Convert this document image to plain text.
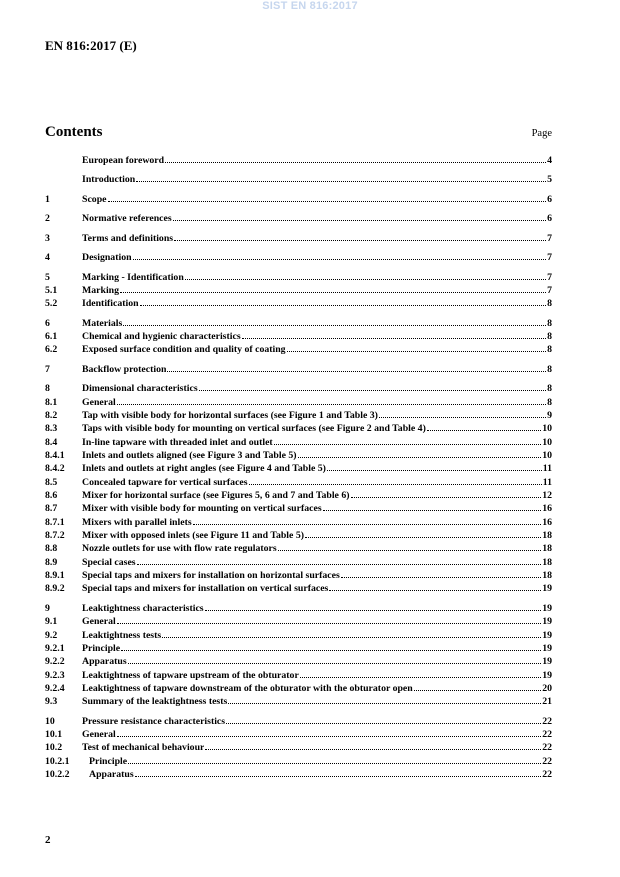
SIST EN 816:2017
EN 816:2017 (E)
Contents	Page
European foreword	4
Introduction	5
1	Scope	6
2	Normative references	6
3	Terms and definitions	7
4	Designation	7
5	Marking - Identification	7
5.1	Marking	7
5.2	Identification	8
6	Materials	8
6.1	Chemical and hygienic characteristics	8
6.2	Exposed surface condition and quality of coating	8
7	Backflow protection	8
8	Dimensional characteristics	8
8.1	General	8
8.2	Tap with visible body for horizontal surfaces (see Figure 1 and Table 3)	9
8.3	Taps with visible body for mounting on vertical surfaces (see Figure 2 and Table 4)	10
8.4	In-line tapware with threaded inlet and outlet	10
8.4.1	Inlets and outlets aligned (see Figure 3 and Table 5)	10
8.4.2	Inlets and outlets at right angles (see Figure 4 and Table 5)	11
8.5	Concealed tapware for vertical surfaces	11
8.6	Mixer for horizontal surface (see Figures 5, 6 and 7 and Table 6)	12
8.7	Mixer with visible body for mounting on vertical surfaces	16
8.7.1	Mixers with parallel inlets	16
8.7.2	Mixer with opposed inlets (see Figure 11 and Table 5)	18
8.8	Nozzle outlets for use with flow rate regulators	18
8.9	Special cases	18
8.9.1	Special taps and mixers for installation on horizontal surfaces	18
8.9.2	Special taps and mixers for installation on vertical surfaces	19
9	Leaktightness characteristics	19
9.1	General	19
9.2	Leaktightness tests	19
9.2.1	Principle	19
9.2.2	Apparatus	19
9.2.3	Leaktightness of tapware upstream of the obturator	19
9.2.4	Leaktightness of tapware downstream of the obturator with the obturator open	20
9.3	Summary of the leaktightness tests	21
10	Pressure resistance characteristics	22
10.1	General	22
10.2	Test of mechanical behaviour	22
10.2.1	Principle	22
10.2.2	Apparatus	22
2
